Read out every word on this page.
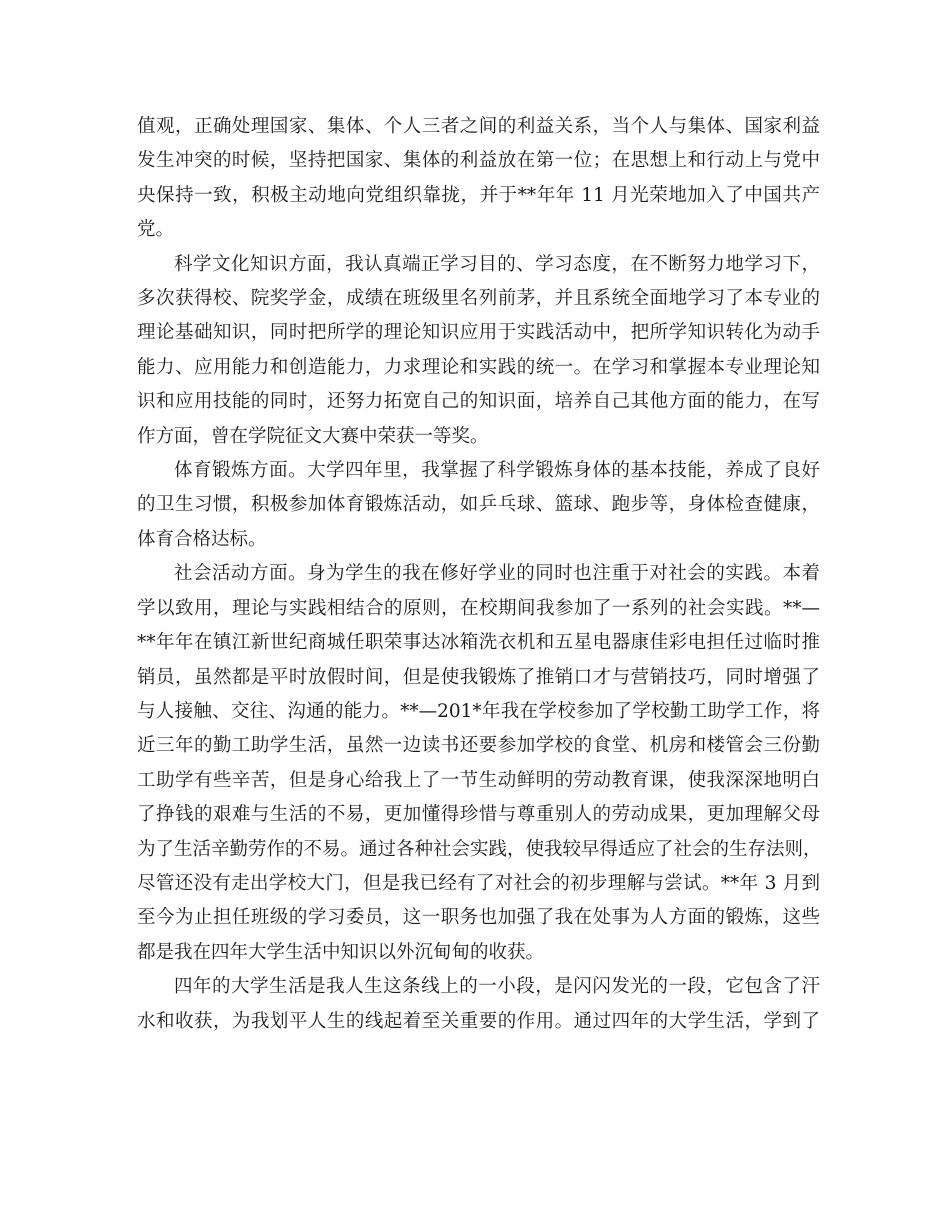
值观，正确处理国家、集体、个人三者之间的利益关系，当个人与集体、国家利益
发生冲突的时候，坚持把国家、集体的利益放在第一位；在思想上和行动上与党中
央保持一致，积极主动地向党组织靠拢，并于**年年 11 月光荣地加入了中国共产
党。
科学文化知识方面，我认真端正学习目的、学习态度，在不断努力地学习下，
多次获得校、院奖学金，成绩在班级里名列前茅，并且系统全面地学习了本专业的
理论基础知识，同时把所学的理论知识应用于实践活动中，把所学知识转化为动手
能力、应用能力和创造能力，力求理论和实践的统一。在学习和掌握本专业理论知
识和应用技能的同时，还努力拓宽自己的知识面，培养自己其他方面的能力，在写
作方面，曾在学院征文大赛中荣获一等奖。
体育锻炼方面。大学四年里，我掌握了科学锻炼身体的基本技能，养成了良好
的卫生习惯，积极参加体育锻炼活动，如乒乓球、篮球、跑步等，身体检查健康，
体育合格达标。
社会活动方面。身为学生的我在修好学业的同时也注重于对社会的实践。本着
学以致用，理论与实践相结合的原则，在校期间我参加了一系列的社会实践。**—
**年年在镇江新世纪商城任职荣事达冰箱洗衣机和五星电器康佳彩电担任过临时推
销员，虽然都是平时放假时间，但是使我锻炼了推销口才与营销技巧，同时增强了
与人接触、交往、沟通的能力。**—201*年我在学校参加了学校勤工助学工作，将
近三年的勤工助学生活，虽然一边读书还要参加学校的食堂、机房和楼管会三份勤
工助学有些辛苦，但是身心给我上了一节生动鲜明的劳动教育课，使我深深地明白
了挣钱的艰难与生活的不易，更加懂得珍惜与尊重别人的劳动成果，更加理解父母
为了生活辛勤劳作的不易。通过各种社会实践，使我较早得适应了社会的生存法则，
尽管还没有走出学校大门，但是我已经有了对社会的初步理解与尝试。**年 3 月到
至今为止担任班级的学习委员，这一职务也加强了我在处事为人方面的锻炼，这些
都是我在四年大学生活中知识以外沉甸甸的收获。
四年的大学生活是我人生这条线上的一小段，是闪闪发光的一段，它包含了汗
水和收获，为我划平人生的线起着至关重要的作用。通过四年的大学生活，学到了
